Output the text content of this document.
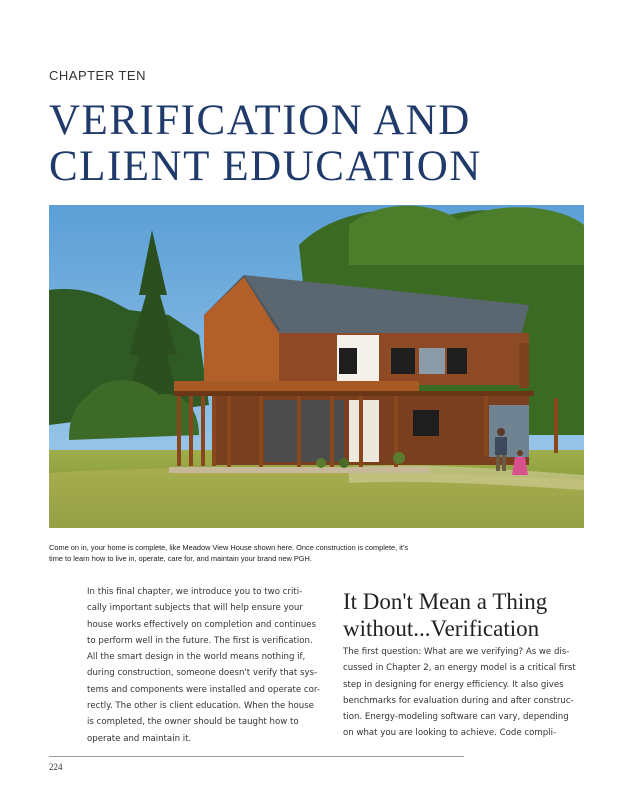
CHAPTER TEN
VERIFICATION AND
CLIENT EDUCATION
Come on in, your home is complete, like Meadow View House shown here. Once construction is complete, it's time to learn how to live in, operate, care for, and maintain your brand new PGH.
In this final chapter, we introduce you to two criti-
cally important subjects that will help ensure your
house works effectively on completion and continues
to perform well in the future. The first is verification.
All the smart design in the world means nothing if,
during construction, someone doesn't verify that sys-
tems and components were installed and operate cor-
rectly. The other is client education. When the house
is completed, the owner should be taught how to
operate and maintain it.
It Don't Mean a Thing
without...Verification
The first question: What are we verifying? As we dis-
cussed in Chapter 2, an energy model is a critical first
step in designing for energy efficiency. It also gives
benchmarks for evaluation during and after construc-
tion. Energy-modeling software can vary, depending
on what you are looking to achieve. Code compli-
224
